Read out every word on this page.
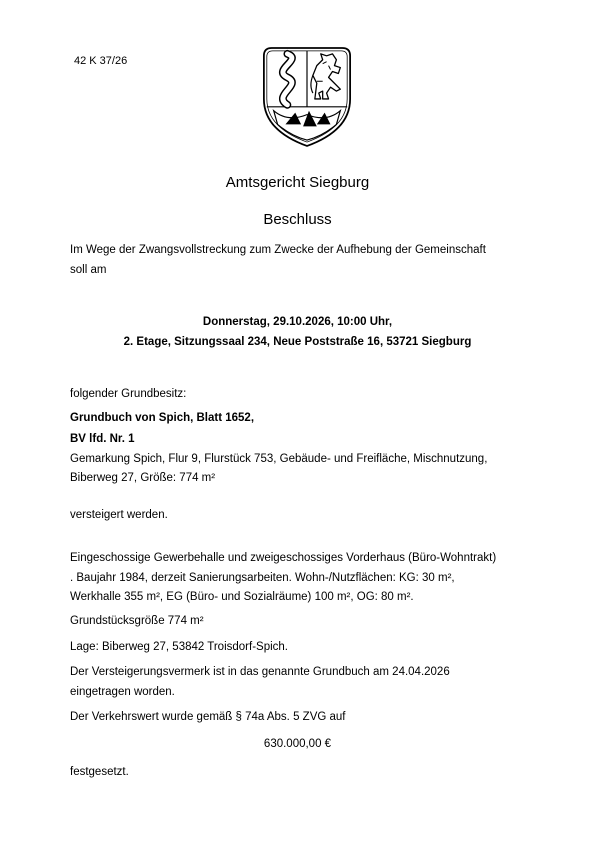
42 K 37/26
Amtsgericht Siegburg
Beschluss
Im Wege der Zwangsvollstreckung zum Zwecke der Aufhebung der Gemeinschaft
soll am
Donnerstag, 29.10.2026, 10:00 Uhr,
2. Etage, Sitzungssaal 234, Neue Poststraße 16, 53721 Siegburg
folgender Grundbesitz:
Grundbuch von Spich, Blatt 1652,
BV lfd. Nr. 1
Gemarkung Spich, Flur 9, Flurstück 753, Gebäude- und Freifläche, Mischnutzung,
Biberweg 27, Größe: 774 m²
versteigert werden.
Eingeschossige Gewerbehalle und zweigeschossiges Vorderhaus (Büro-Wohntrakt)
. Baujahr 1984, derzeit Sanierungsarbeiten. Wohn-/Nutzflächen: KG: 30 m²,
Werkhalle 355 m², EG (Büro- und Sozialräume) 100 m², OG: 80 m².
Grundstücksgröße 774 m²
Lage: Biberweg 27, 53842 Troisdorf-Spich.
Der Versteigerungsvermerk ist in das genannte Grundbuch am 24.04.2026
eingetragen worden.
Der Verkehrswert wurde gemäß § 74a Abs. 5 ZVG auf
630.000,00 €
festgesetzt.
